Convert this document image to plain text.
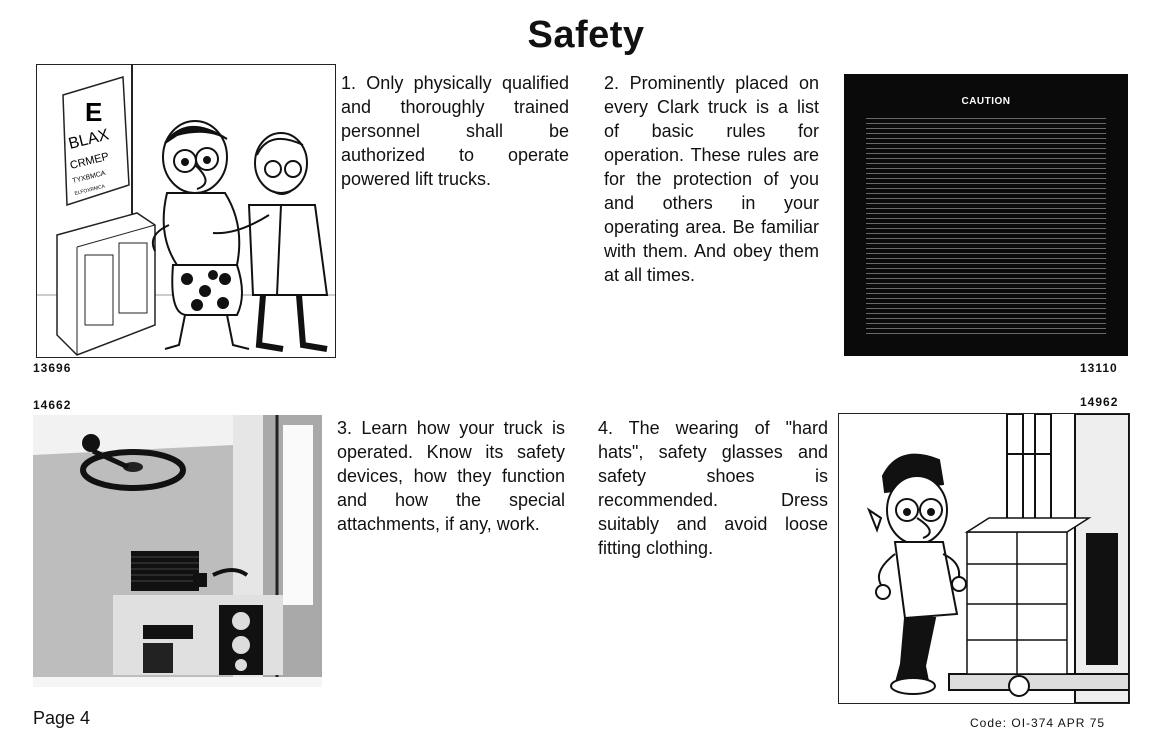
Safety
E
BLAX
CRMEP
TYXBMCA
ELFOXRMCA
13696

1. Only physically qualified and thoroughly trained personnel shall be authorized to operate powered lift trucks.

2. Prominently placed on every Clark truck is a list of basic rules for operation. These rules are for the protection of you and others in your operating area. Be familiar with them. And obey them at all times.

CAUTION
13110
14662	14962

3. Learn how your truck is operated. Know its safety devices, how they function and how the special attachments, if any, work.

4. The wearing of "hard hats", safety glasses and safety shoes is recommended. Dress suitably and avoid loose fitting clothing.

Page 4	Code: OI-374 APR 75
